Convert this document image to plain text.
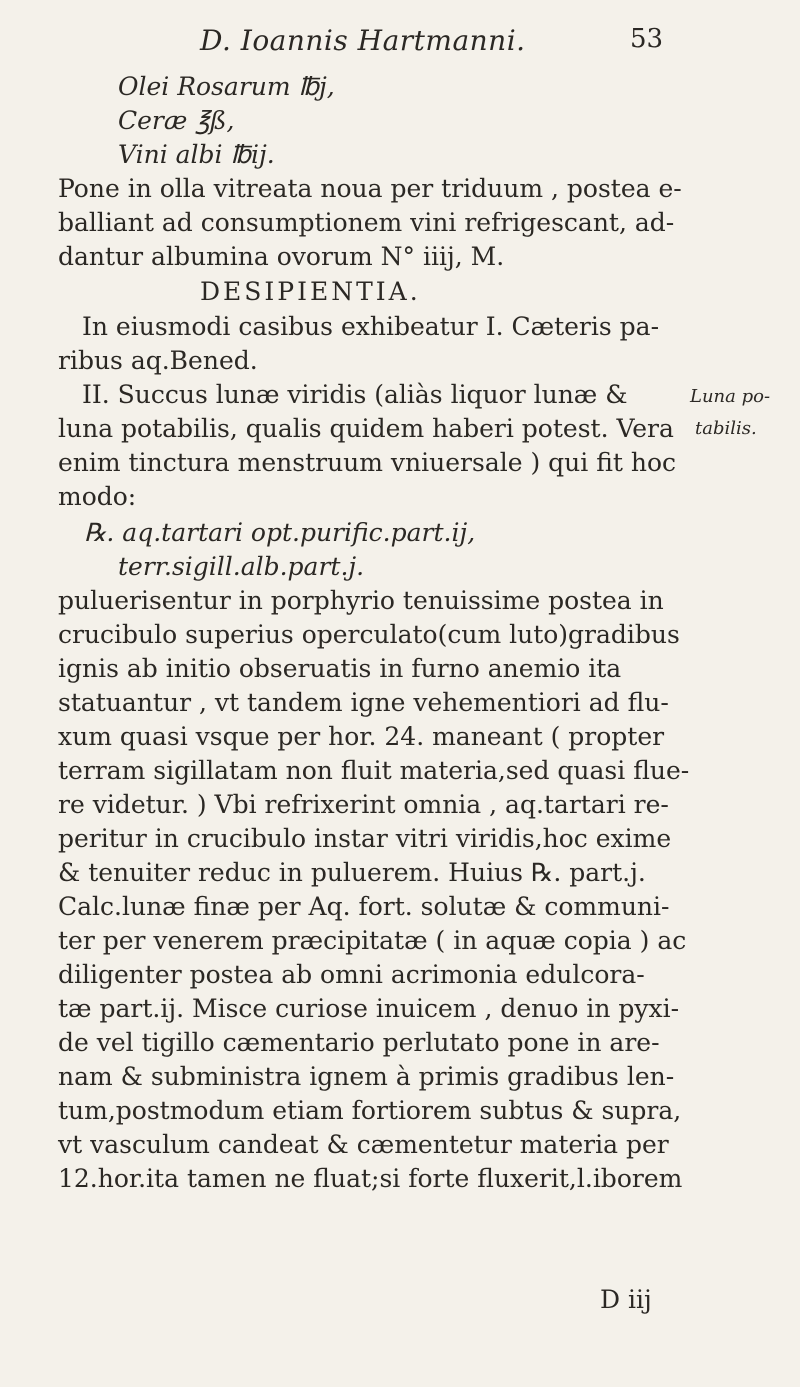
D. Ioannis Hartmanni.	53
Olei Rosarum ℔j,
Ceræ ℥ß,
Vini albi ℔ij.
Pone in olla vitreata noua per triduum , postea e-
balliant ad consumptionem vini refrigescant, ad-
dantur albumina ovorum N° iiij, M.
DESIPIENTIA.
In eiusmodi casibus exhibeatur I. Cæteris pa-
ribus aq.Bened.
II. Succus lunæ viridis (aliàs liquor lunæ &
luna potabilis, qualis quidem haberi potest. Vera
enim tinctura menstruum vniuersale ) qui fit hoc
modo:
℞. aq.tartari opt.purific.part.ij,
terr.sigill.alb.part.j.
puluerisentur in porphyrio tenuissime postea in
crucibulo superius operculato(cum luto)gradibus
ignis ab initio obseruatis in furno anemio ita
statuantur , vt tandem igne vehementiori ad flu-
xum quasi vsque per hor. 24. maneant ( propter
terram sigillatam non fluit materia,sed quasi flue-
re videtur. ) Vbi refrixerint omnia , aq.tartari re-
peritur in crucibulo instar vitri viridis,hoc exime
& tenuiter reduc in puluerem. Huius ℞. part.j.
Calc.lunæ finæ per Aq. fort. solutæ & communi-
ter per venerem præcipitatæ ( in aquæ copia ) ac
diligenter postea ab omni acrimonia edulcora-
tæ part.ij. Misce curiose inuicem , denuo in pyxi-
de vel tigillo cæmentario perlutato pone in are-
nam & subministra ignem à primis gradibus len-
tum,postmodum etiam fortiorem subtus & supra,
vt vasculum candeat & cæmentetur materia per
12.hor.ita tamen ne fluat;si forte fluxerit,l.iborem
Luna po-
tabilis.
D iij
